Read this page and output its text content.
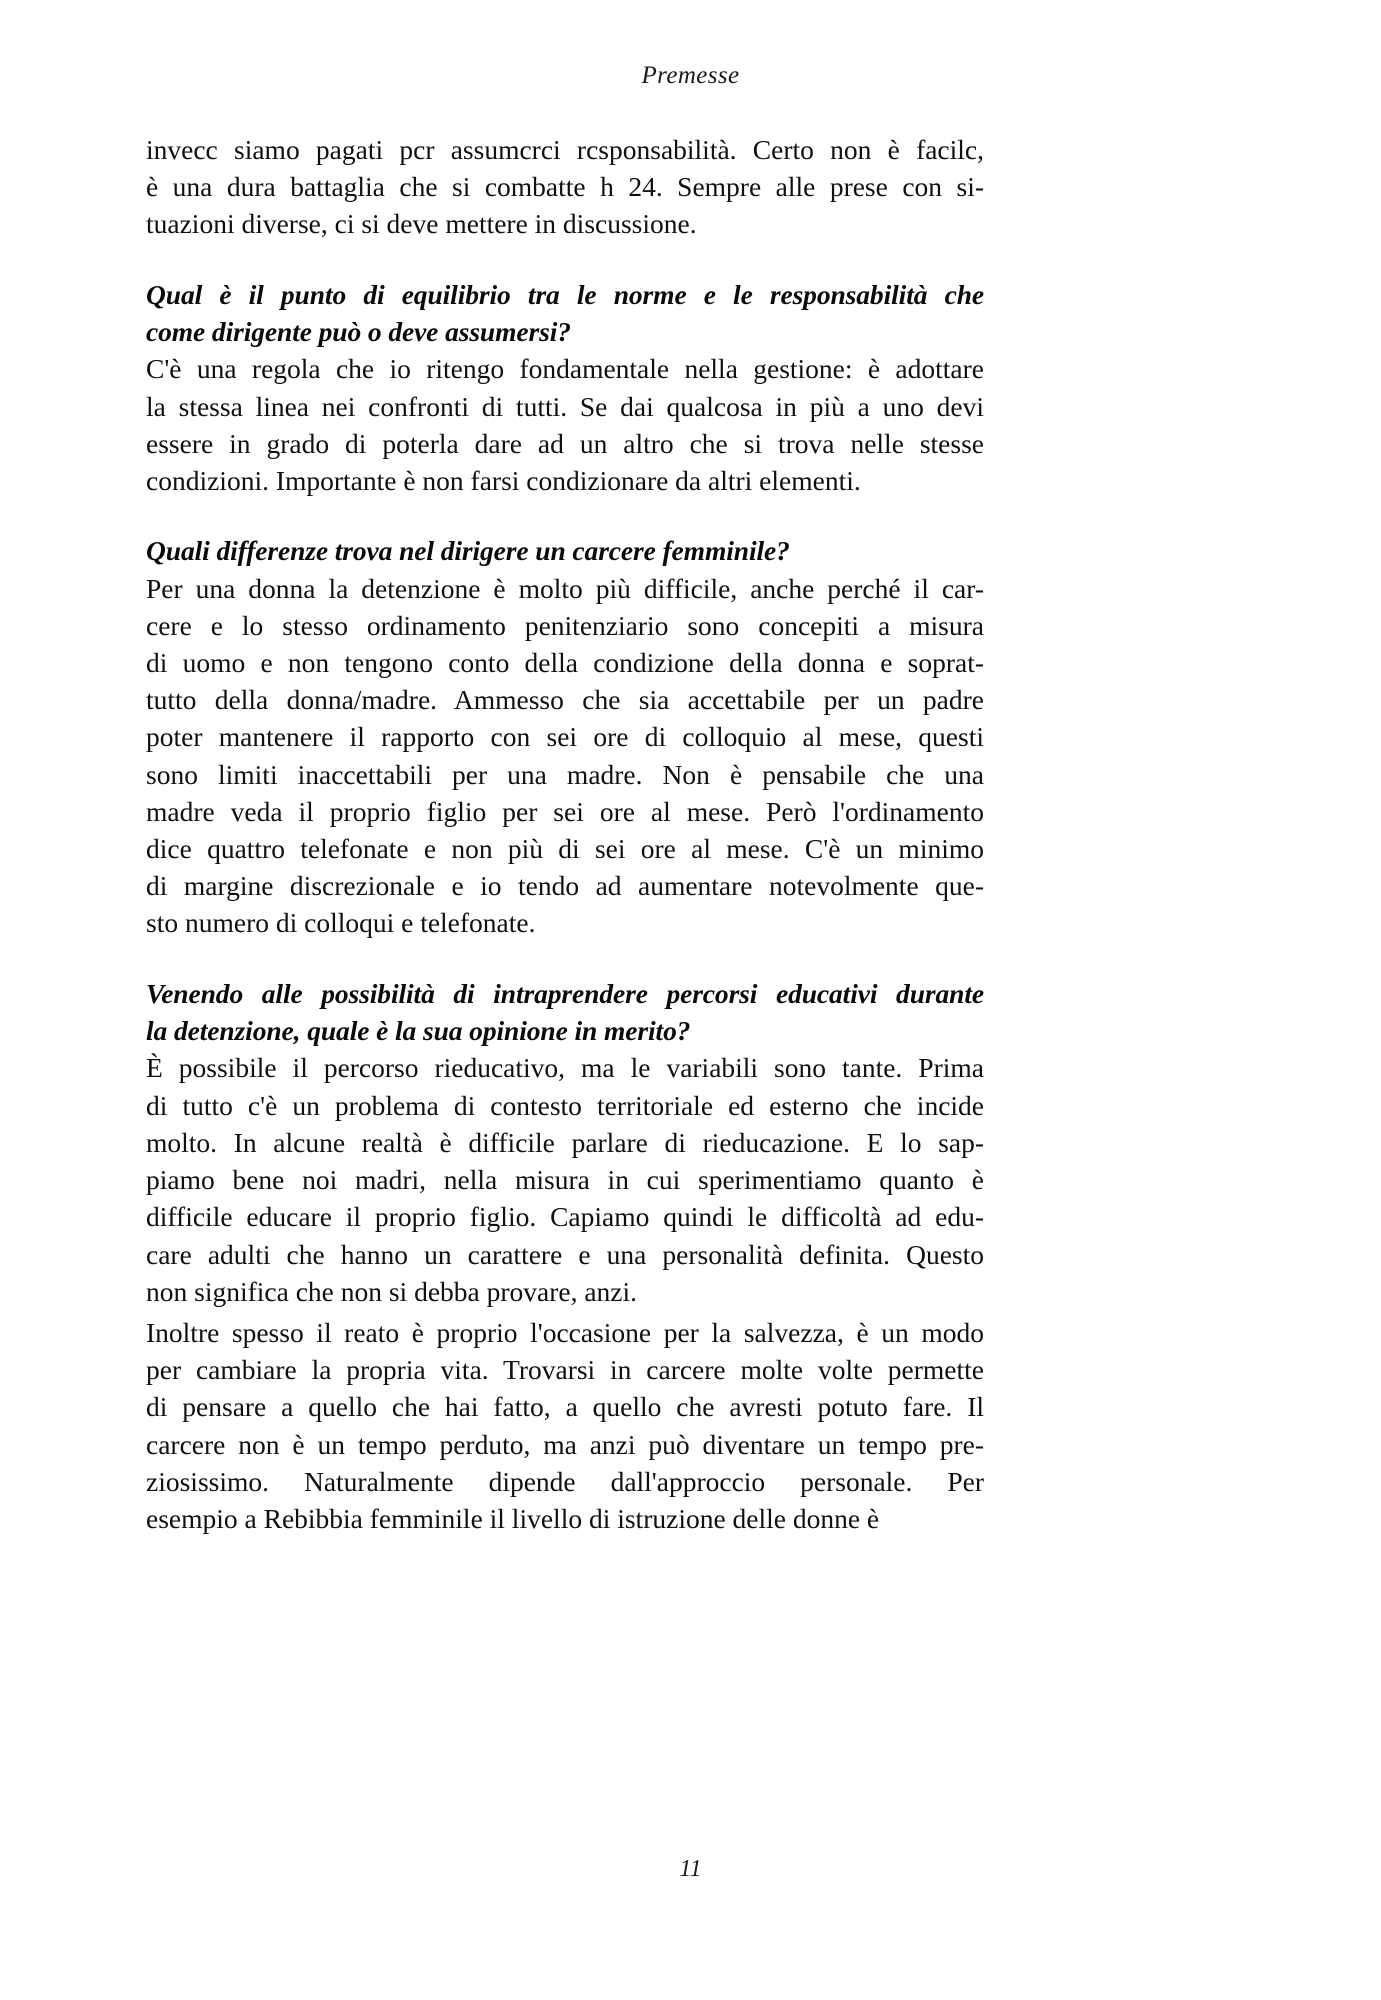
Premesse
invecc siamo pagati pcr assumcrci rcsponsabilità. Certo non è facilc,
è una dura battaglia che si combatte h 24. Sempre alle prese con si-
tuazioni diverse, ci si deve mettere in discussione.
Qual è il punto di equilibrio tra le norme e le responsabilità che
come dirigente può o deve assumersi?
C'è una regola che io ritengo fondamentale nella gestione: è adottare
la stessa linea nei confronti di tutti. Se dai qualcosa in più a uno devi
essere in grado di poterla dare ad un altro che si trova nelle stesse
condizioni. Importante è non farsi condizionare da altri elementi.
Quali differenze trova nel dirigere un carcere femminile?
Per una donna la detenzione è molto più difficile, anche perché il car-
cere e lo stesso ordinamento penitenziario sono concepiti a misura
di uomo e non tengono conto della condizione della donna e soprat-
tutto della donna/madre. Ammesso che sia accettabile per un padre
poter mantenere il rapporto con sei ore di colloquio al mese, questi
sono limiti inaccettabili per una madre. Non è pensabile che una
madre veda il proprio figlio per sei ore al mese. Però l'ordinamento
dice quattro telefonate e non più di sei ore al mese. C'è un minimo
di margine discrezionale e io tendo ad aumentare notevolmente que-
sto numero di colloqui e telefonate.
Venendo alle possibilità di intraprendere percorsi educativi durante
la detenzione, quale è la sua opinione in merito?
È possibile il percorso rieducativo, ma le variabili sono tante. Prima
di tutto c'è un problema di contesto territoriale ed esterno che incide
molto. In alcune realtà è difficile parlare di rieducazione. E lo sap-
piamo bene noi madri, nella misura in cui sperimentiamo quanto è
difficile educare il proprio figlio. Capiamo quindi le difficoltà ad edu-
care adulti che hanno un carattere e una personalità definita. Questo
non significa che non si debba provare, anzi.
Inoltre spesso il reato è proprio l'occasione per la salvezza, è un modo
per cambiare la propria vita. Trovarsi in carcere molte volte permette
di pensare a quello che hai fatto, a quello che avresti potuto fare. Il
carcere non è un tempo perduto, ma anzi può diventare un tempo pre-
ziosissimo. Naturalmente dipende dall'approccio personale. Per
esempio a Rebibbia femminile il livello di istruzione delle donne è
11
